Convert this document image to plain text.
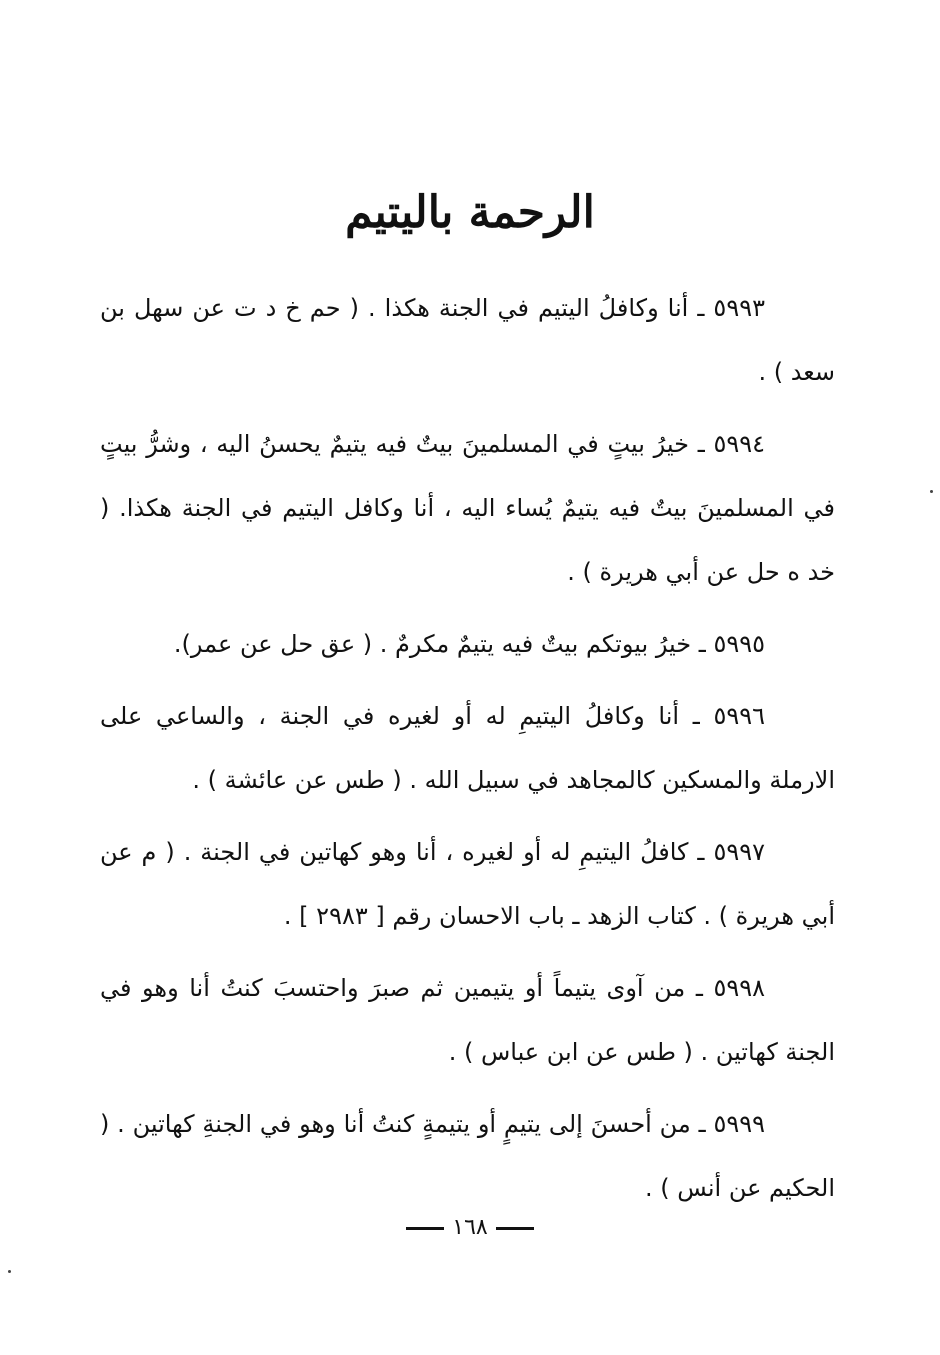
الرحمة باليتيم

٥٩٩٣ ـ أنا وكافلُ اليتيم في الجنة هكذا . ( حم خ د ت عن سهل بن سعد ) .

٥٩٩٤ ـ خيرُ بيتٍ في المسلمينَ بيتٌ فيه يتيمٌ يحسنُ اليه ، وشرُّ بيتٍ في المسلمينَ بيتٌ فيه يتيمٌ يُساء اليه ، أنا وكافل اليتيم في الجنة هكذا. ( خد ه حل عن أبي هريرة ) .

٥٩٩٥ ـ خيرُ بيوتكم بيتٌ فيه يتيمٌ مكرمٌ . ( عق حل عن عمر).

٥٩٩٦ ـ أنا وكافلُ اليتيمِ له أو لغيره في الجنة ، والساعي على الارملة والمسكين كالمجاهد في سبيل الله . ( طس عن عائشة ) .

٥٩٩٧ ـ كافلُ اليتيمِ له أو لغيره ، أنا وهو كهاتين في الجنة . ( م عن أبي هريرة ) . كتاب الزهد ـ باب الاحسان رقم [ ٢٩٨٣ ] .

٥٩٩٨ ـ من آوى يتيماً أو يتيمين ثم صبرَ واحتسبَ كنتُ أنا وهو في الجنة كهاتين . ( طس عن ابن عباس ) .

٥٩٩٩ ـ من أحسنَ إلى يتيمٍ أو يتيمةٍ كنتُ أنا وهو في الجنةِ كهاتين . ( الحكيم عن أنس ) .

١٦٨
